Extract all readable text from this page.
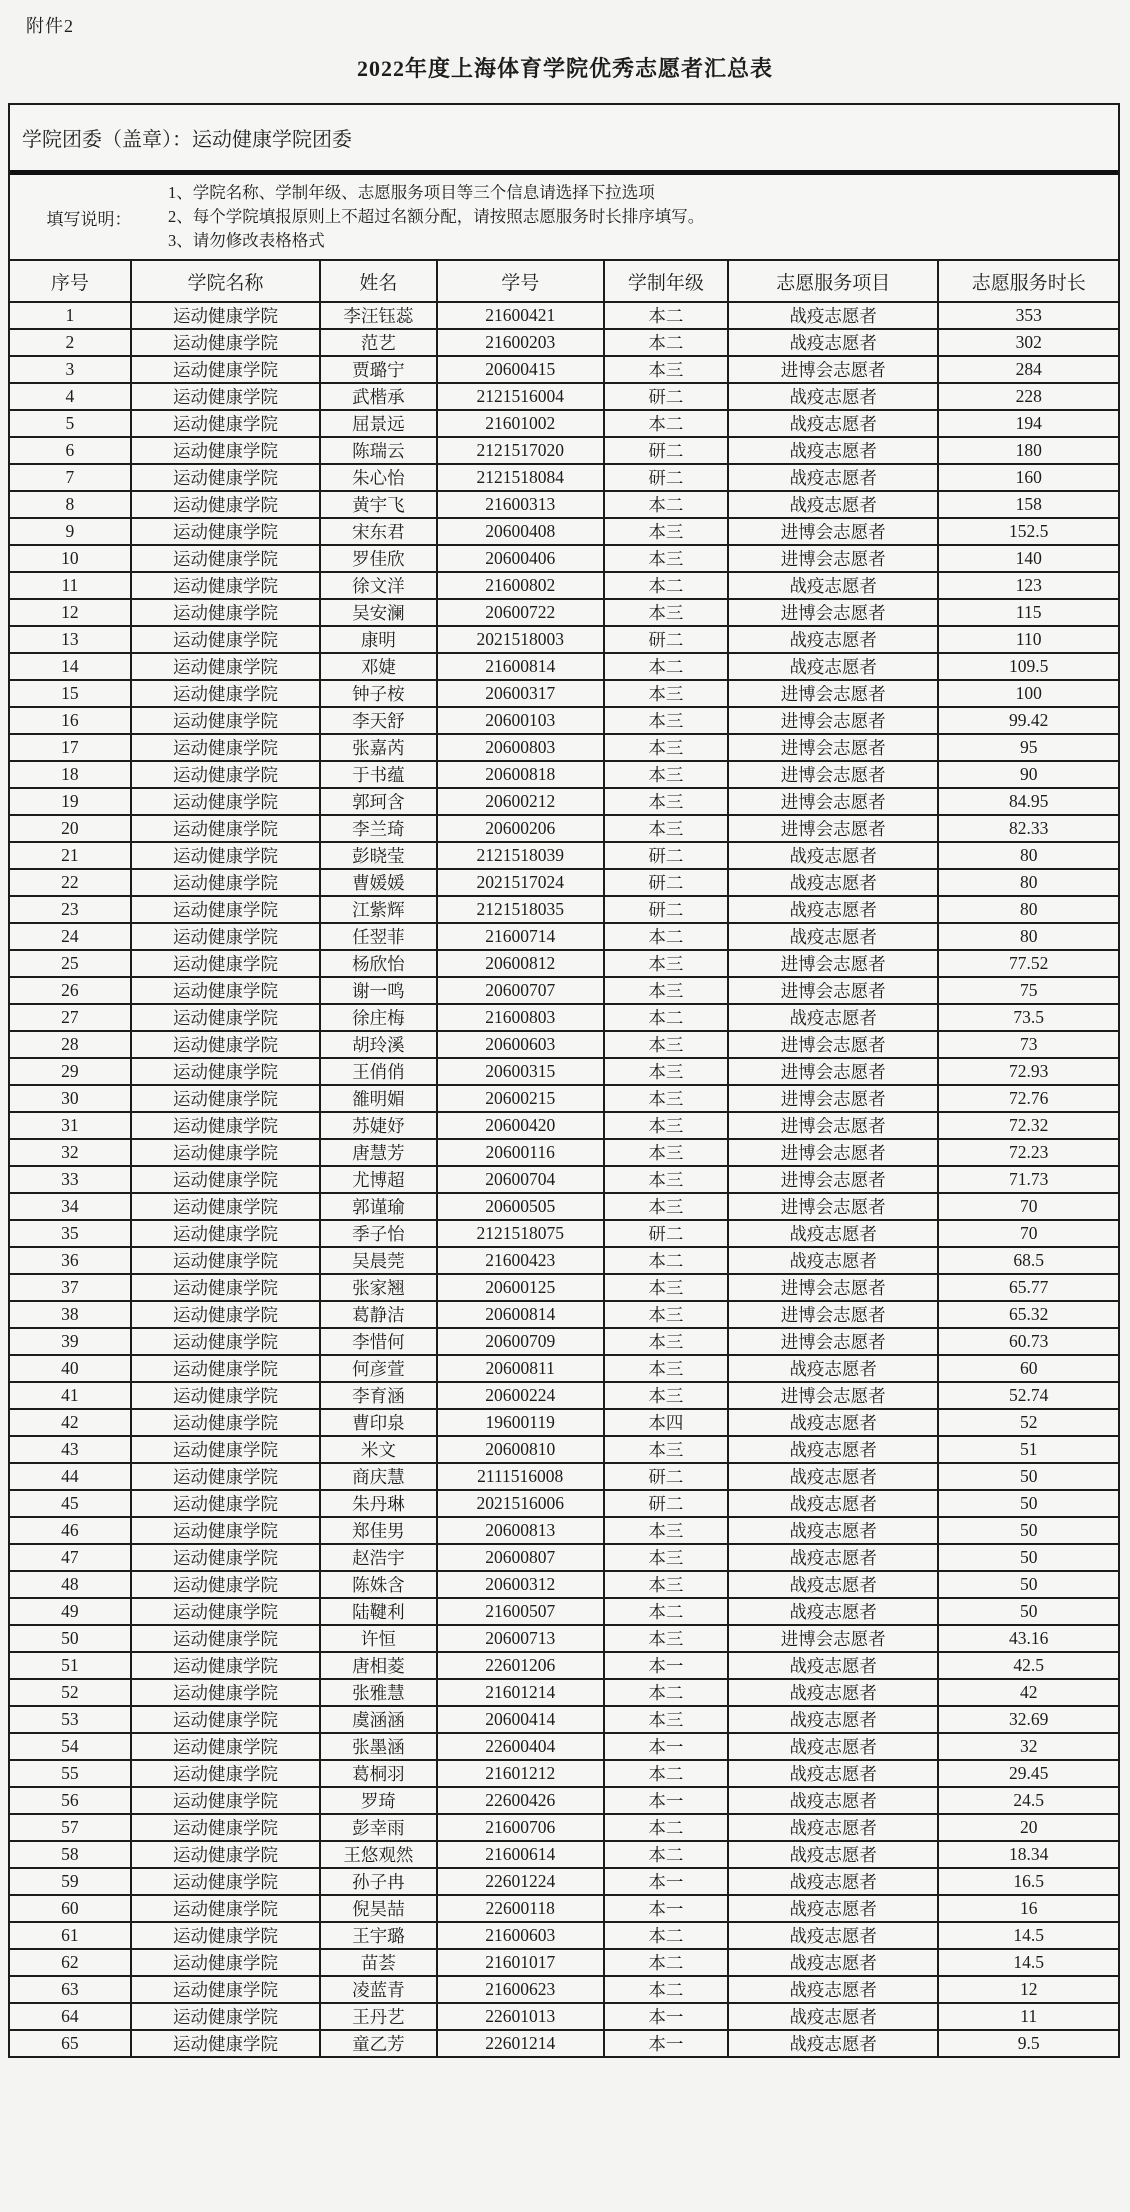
附件2
2022年度上海体育学院优秀志愿者汇总表
学院团委（盖章）：运动健康学院团委
填写说明：
1、学院名称、学制年级、志愿服务项目等三个信息请选择下拉选项
2、每个学院填报原则上不超过名额分配，请按照志愿服务时长排序填写。
3、请勿修改表格格式
序号	学院名称	姓名	学号	学制年级	志愿服务项目	志愿服务时长
1	运动健康学院	李汪钰蕊	21600421	本二	战疫志愿者	353
2	运动健康学院	范艺	21600203	本二	战疫志愿者	302
3	运动健康学院	贾璐宁	20600415	本三	进博会志愿者	284
4	运动健康学院	武楷承	2121516004	研二	战疫志愿者	228
5	运动健康学院	屈景远	21601002	本二	战疫志愿者	194
6	运动健康学院	陈瑞云	2121517020	研二	战疫志愿者	180
7	运动健康学院	朱心怡	2121518084	研二	战疫志愿者	160
8	运动健康学院	黄宇飞	21600313	本二	战疫志愿者	158
9	运动健康学院	宋东君	20600408	本三	进博会志愿者	152.5
10	运动健康学院	罗佳欣	20600406	本三	进博会志愿者	140
11	运动健康学院	徐文洋	21600802	本二	战疫志愿者	123
12	运动健康学院	吴安澜	20600722	本三	进博会志愿者	115
13	运动健康学院	康明	2021518003	研二	战疫志愿者	110
14	运动健康学院	邓婕	21600814	本二	战疫志愿者	109.5
15	运动健康学院	钟子桉	20600317	本三	进博会志愿者	100
16	运动健康学院	李天舒	20600103	本三	进博会志愿者	99.42
17	运动健康学院	张嘉芮	20600803	本三	进博会志愿者	95
18	运动健康学院	于书蕴	20600818	本三	进博会志愿者	90
19	运动健康学院	郭珂含	20600212	本三	进博会志愿者	84.95
20	运动健康学院	李兰琦	20600206	本三	进博会志愿者	82.33
21	运动健康学院	彭晓莹	2121518039	研二	战疫志愿者	80
22	运动健康学院	曹媛媛	2021517024	研二	战疫志愿者	80
23	运动健康学院	江紫辉	2121518035	研二	战疫志愿者	80
24	运动健康学院	任翌菲	21600714	本二	战疫志愿者	80
25	运动健康学院	杨欣怡	20600812	本三	进博会志愿者	77.52
26	运动健康学院	谢一鸣	20600707	本三	进博会志愿者	75
27	运动健康学院	徐庄梅	21600803	本二	战疫志愿者	73.5
28	运动健康学院	胡玲溪	20600603	本三	进博会志愿者	73
29	运动健康学院	王俏俏	20600315	本三	进博会志愿者	72.93
30	运动健康学院	雒明媚	20600215	本三	进博会志愿者	72.76
31	运动健康学院	苏婕妤	20600420	本三	进博会志愿者	72.32
32	运动健康学院	唐慧芳	20600116	本三	进博会志愿者	72.23
33	运动健康学院	尤博超	20600704	本三	进博会志愿者	71.73
34	运动健康学院	郭谨瑜	20600505	本三	进博会志愿者	70
35	运动健康学院	季子怡	2121518075	研二	战疫志愿者	70
36	运动健康学院	吴晨莞	21600423	本二	战疫志愿者	68.5
37	运动健康学院	张家翘	20600125	本三	进博会志愿者	65.77
38	运动健康学院	葛静洁	20600814	本三	进博会志愿者	65.32
39	运动健康学院	李惜何	20600709	本三	进博会志愿者	60.73
40	运动健康学院	何彦萱	20600811	本三	战疫志愿者	60
41	运动健康学院	李育涵	20600224	本三	进博会志愿者	52.74
42	运动健康学院	曹印泉	19600119	本四	战疫志愿者	52
43	运动健康学院	米文	20600810	本三	战疫志愿者	51
44	运动健康学院	商庆慧	2111516008	研二	战疫志愿者	50
45	运动健康学院	朱丹琳	2021516006	研二	战疫志愿者	50
46	运动健康学院	郑佳男	20600813	本三	战疫志愿者	50
47	运动健康学院	赵浩宇	20600807	本三	战疫志愿者	50
48	运动健康学院	陈姝含	20600312	本三	战疫志愿者	50
49	运动健康学院	陆鞬利	21600507	本二	战疫志愿者	50
50	运动健康学院	许恒	20600713	本三	进博会志愿者	43.16
51	运动健康学院	唐相菱	22601206	本一	战疫志愿者	42.5
52	运动健康学院	张雅慧	21601214	本二	战疫志愿者	42
53	运动健康学院	虞涵涵	20600414	本三	战疫志愿者	32.69
54	运动健康学院	张墨涵	22600404	本一	战疫志愿者	32
55	运动健康学院	葛桐羽	21601212	本二	战疫志愿者	29.45
56	运动健康学院	罗琦	22600426	本一	战疫志愿者	24.5
57	运动健康学院	彭幸雨	21600706	本二	战疫志愿者	20
58	运动健康学院	王悠观然	21600614	本二	战疫志愿者	18.34
59	运动健康学院	孙子冉	22601224	本一	战疫志愿者	16.5
60	运动健康学院	倪昊喆	22600118	本一	战疫志愿者	16
61	运动健康学院	王宇璐	21600603	本二	战疫志愿者	14.5
62	运动健康学院	苗荟	21601017	本二	战疫志愿者	14.5
63	运动健康学院	凌蓝青	21600623	本二	战疫志愿者	12
64	运动健康学院	王丹艺	22601013	本一	战疫志愿者	11
65	运动健康学院	童乙芳	22601214	本一	战疫志愿者	9.5
